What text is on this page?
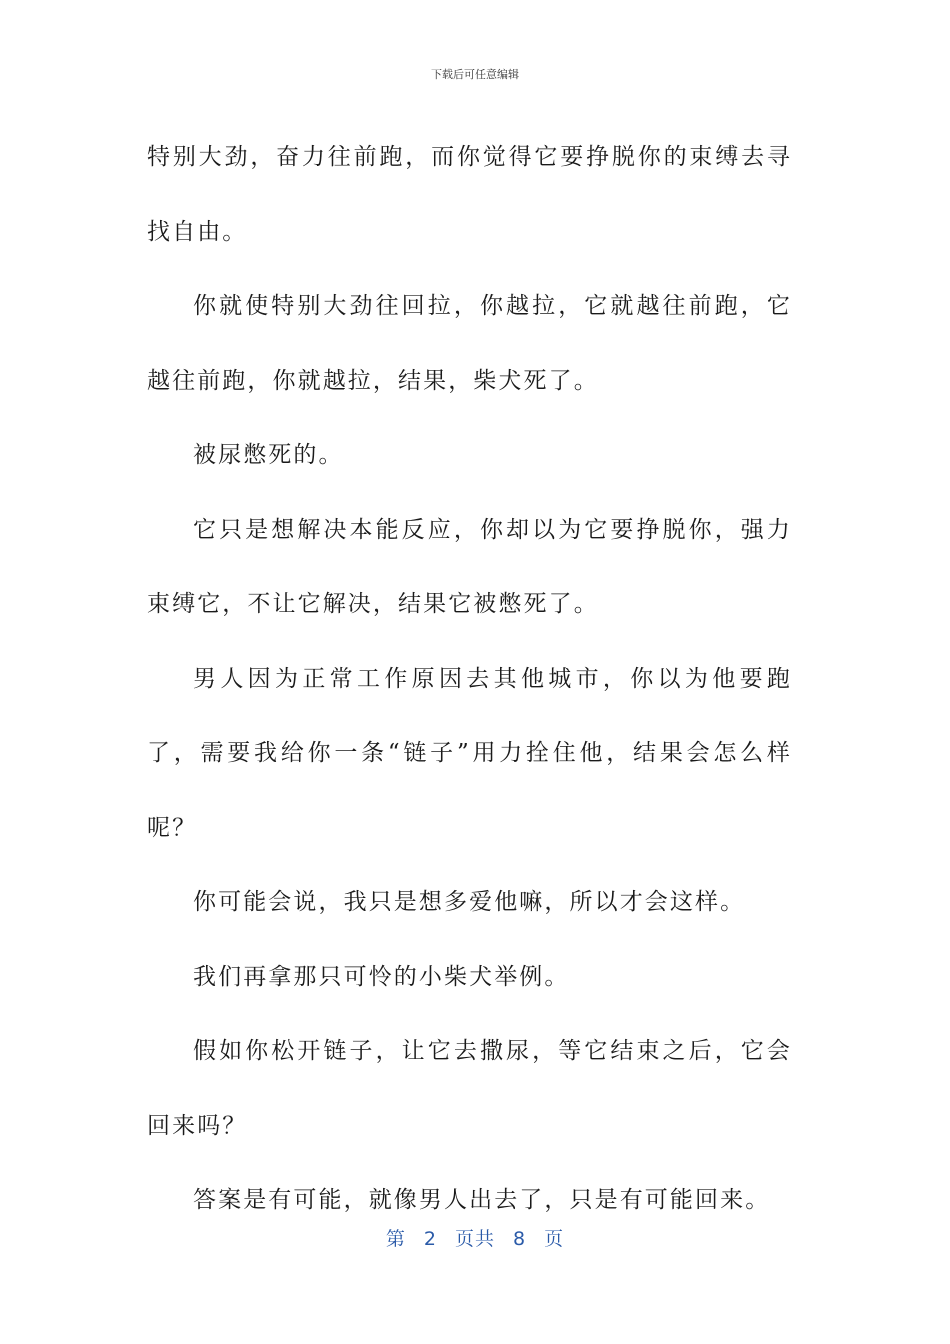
下载后可任意编辑

特别大劲，奋力往前跑，而你觉得它要挣脱你的束缚去寻找自由。

你就使特别大劲往回拉，你越拉，它就越往前跑，它越往前跑，你就越拉，结果，柴犬死了。

被尿憋死的。

它只是想解决本能反应，你却以为它要挣脱你，强力束缚它，不让它解决，结果它被憋死了。

男人因为正常工作原因去其他城市，你以为他要跑了，需要我给你一条“链子”用力拴住他，结果会怎么样呢？

你可能会说，我只是想多爱他嘛，所以才会这样。

我们再拿那只可怜的小柴犬举例。

假如你松开链子，让它去撒尿，等它结束之后，它会回来吗？

答案是有可能，就像男人出去了，只是有可能回来。

第 2 页共 8 页
